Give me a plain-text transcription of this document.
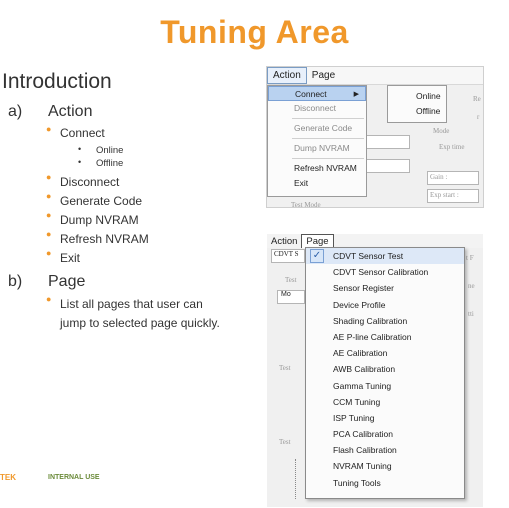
Tuning Area
Introduction
a) Action
● Connect
• Online
• Offline
● Disconnect
● Generate Code
● Dump NVRAM
● Refresh NVRAM
● Exit
b) Page
● List all pages that user can
jump to selected page quickly.
TEK	INTERNAL USE
Action	Page
Mode
Exp time
Re
r
Gain :
Exp start :
Test Mode
Connect	▶
Disconnect
Generate Code
Dump NVRAM
Refresh NVRAM
Exit
Online
Offline
Action Page
CDVT S
Test
Mo
Test
Test
t F
ne
tti
✓	CDVT Sensor Test
CDVT Sensor Calibration
Sensor Register
Device Profile
Shading Calibration
AE P-line Calibration
AE Calibration
AWB Calibration
Gamma Tuning
CCM Tuning
ISP Tuning
PCA Calibration
Flash Calibration
NVRAM Tuning
Tuning Tools
